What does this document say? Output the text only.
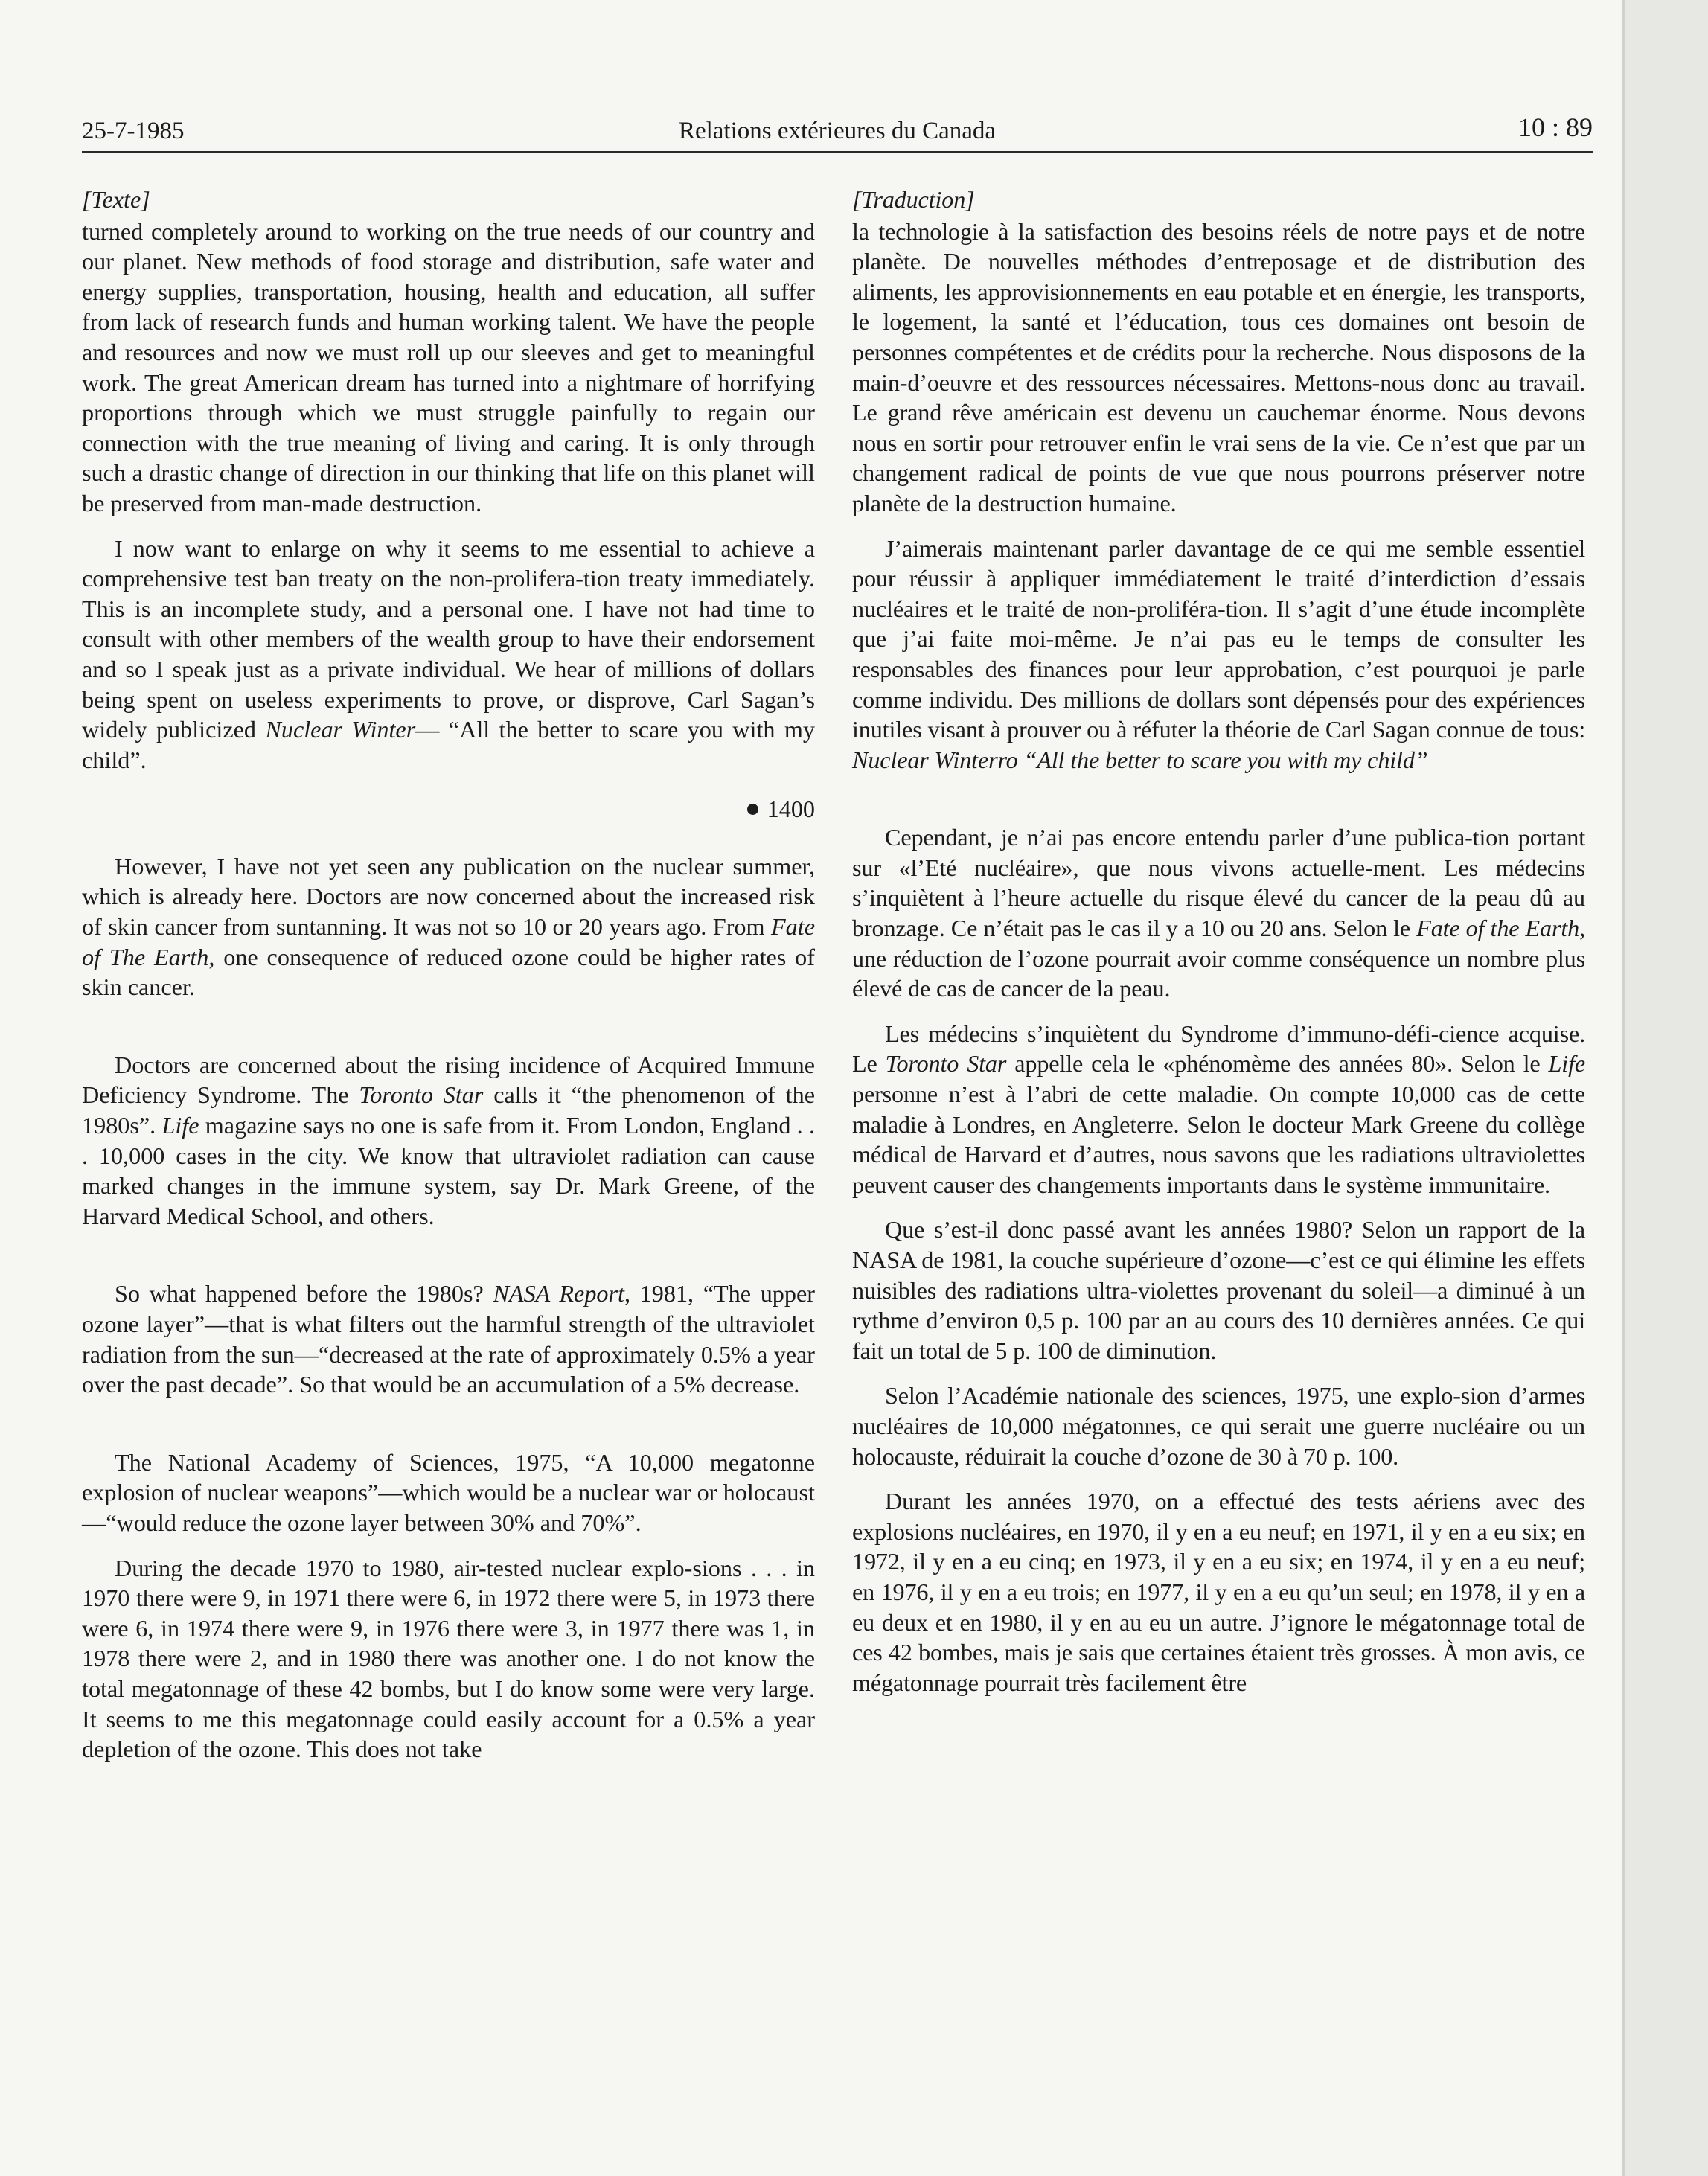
25-7-1985	Relations extérieures du Canada	10 : 89
[Texte]

turned completely around to working on the true needs of our country and our planet. New methods of food storage and distribution, safe water and energy supplies, transportation, housing, health and education, all suffer from lack of research funds and human working talent. We have the people and resources and now we must roll up our sleeves and get to meaningful work. The great American dream has turned into a nightmare of horrifying proportions through which we must struggle painfully to regain our connection with the true meaning of living and caring. It is only through such a drastic change of direction in our thinking that life on this planet will be preserved from man-made destruction.

I now want to enlarge on why it seems to me essential to achieve a comprehensive test ban treaty on the non-prolifera-tion treaty immediately. This is an incomplete study, and a personal one. I have not had time to consult with other members of the wealth group to have their endorsement and so I speak just as a private individual. We hear of millions of dollars being spent on useless experiments to prove, or disprove, Carl Sagan’s widely publicized Nuclear Winter— “All the better to scare you with my child”.

1400

However, I have not yet seen any publication on the nuclear summer, which is already here. Doctors are now concerned about the increased risk of skin cancer from suntanning. It was not so 10 or 20 years ago. From Fate of The Earth, one consequence of reduced ozone could be higher rates of skin cancer.

Doctors are concerned about the rising incidence of Acquired Immune Deficiency Syndrome. The Toronto Star calls it “the phenomenon of the 1980s”. Life magazine says no one is safe from it. From London, England . . . 10,000 cases in the city. We know that ultraviolet radiation can cause marked changes in the immune system, say Dr. Mark Greene, of the Harvard Medical School, and others.

So what happened before the 1980s? NASA Report, 1981, “The upper ozone layer”—that is what filters out the harmful strength of the ultraviolet radiation from the sun—“decreased at the rate of approximately 0.5% a year over the past decade”. So that would be an accumulation of a 5% decrease.

The National Academy of Sciences, 1975, “A 10,000 megatonne explosion of nuclear weapons”—which would be a nuclear war or holocaust—“would reduce the ozone layer between 30% and 70%”.

During the decade 1970 to 1980, air-tested nuclear explo-sions . . . in 1970 there were 9, in 1971 there were 6, in 1972 there were 5, in 1973 there were 6, in 1974 there were 9, in 1976 there were 3, in 1977 there was 1, in 1978 there were 2, and in 1980 there was another one. I do not know the total megatonnage of these 42 bombs, but I do know some were very large. It seems to me this megatonnage could easily account for a 0.5% a year depletion of the ozone. This does not take

[Traduction]

la technologie à la satisfaction des besoins réels de notre pays et de notre planète. De nouvelles méthodes d’entreposage et de distribution des aliments, les approvisionnements en eau potable et en énergie, les transports, le logement, la santé et l’éducation, tous ces domaines ont besoin de personnes compétentes et de crédits pour la recherche. Nous disposons de la main-d’oeuvre et des ressources nécessaires. Mettons-nous donc au travail. Le grand rêve américain est devenu un cauchemar énorme. Nous devons nous en sortir pour retrouver enfin le vrai sens de la vie. Ce n’est que par un changement radical de points de vue que nous pourrons préserver notre planète de la destruction humaine.

J’aimerais maintenant parler davantage de ce qui me semble essentiel pour réussir à appliquer immédiatement le traité d’interdiction d’essais nucléaires et le traité de non-proliféra-tion. Il s’agit d’une étude incomplète que j’ai faite moi-même. Je n’ai pas eu le temps de consulter les responsables des finances pour leur approbation, c’est pourquoi je parle comme individu. Des millions de dollars sont dépensés pour des expériences inutiles visant à prouver ou à réfuter la théorie de Carl Sagan connue de tous: Nuclear Winterro “All the better to scare you with my child”

Cependant, je n’ai pas encore entendu parler d’une publica-tion portant sur «l’Eté nucléaire», que nous vivons actuelle-ment. Les médecins s’inquiètent à l’heure actuelle du risque élevé du cancer de la peau dû au bronzage. Ce n’était pas le cas il y a 10 ou 20 ans. Selon le Fate of the Earth, une réduction de l’ozone pourrait avoir comme conséquence un nombre plus élevé de cas de cancer de la peau.

Les médecins s’inquiètent du Syndrome d’immuno-défi-cience acquise. Le Toronto Star appelle cela le «phénomème des années 80». Selon le Life personne n’est à l’abri de cette maladie. On compte 10,000 cas de cette maladie à Londres, en Angleterre. Selon le docteur Mark Greene du collège médical de Harvard et d’autres, nous savons que les radiations ultraviolettes peuvent causer des changements importants dans le système immunitaire.

Que s’est-il donc passé avant les années 1980? Selon un rapport de la NASA de 1981, la couche supérieure d’ozone—c’est ce qui élimine les effets nuisibles des radiations ultra-violettes provenant du soleil—a diminué à un rythme d’environ 0,5 p. 100 par an au cours des 10 dernières années. Ce qui fait un total de 5 p. 100 de diminution.

Selon l’Académie nationale des sciences, 1975, une explo-sion d’armes nucléaires de 10,000 mégatonnes, ce qui serait une guerre nucléaire ou un holocauste, réduirait la couche d’ozone de 30 à 70 p. 100.

Durant les années 1970, on a effectué des tests aériens avec des explosions nucléaires, en 1970, il y en a eu neuf; en 1971, il y en a eu six; en 1972, il y en a eu cinq; en 1973, il y en a eu six; en 1974, il y en a eu neuf; en 1976, il y en a eu trois; en 1977, il y en a eu qu’un seul; en 1978, il y en a eu deux et en 1980, il y en au eu un autre. J’ignore le mégatonnage total de ces 42 bombes, mais je sais que certaines étaient très grosses. À mon avis, ce mégatonnage pourrait très facilement être
